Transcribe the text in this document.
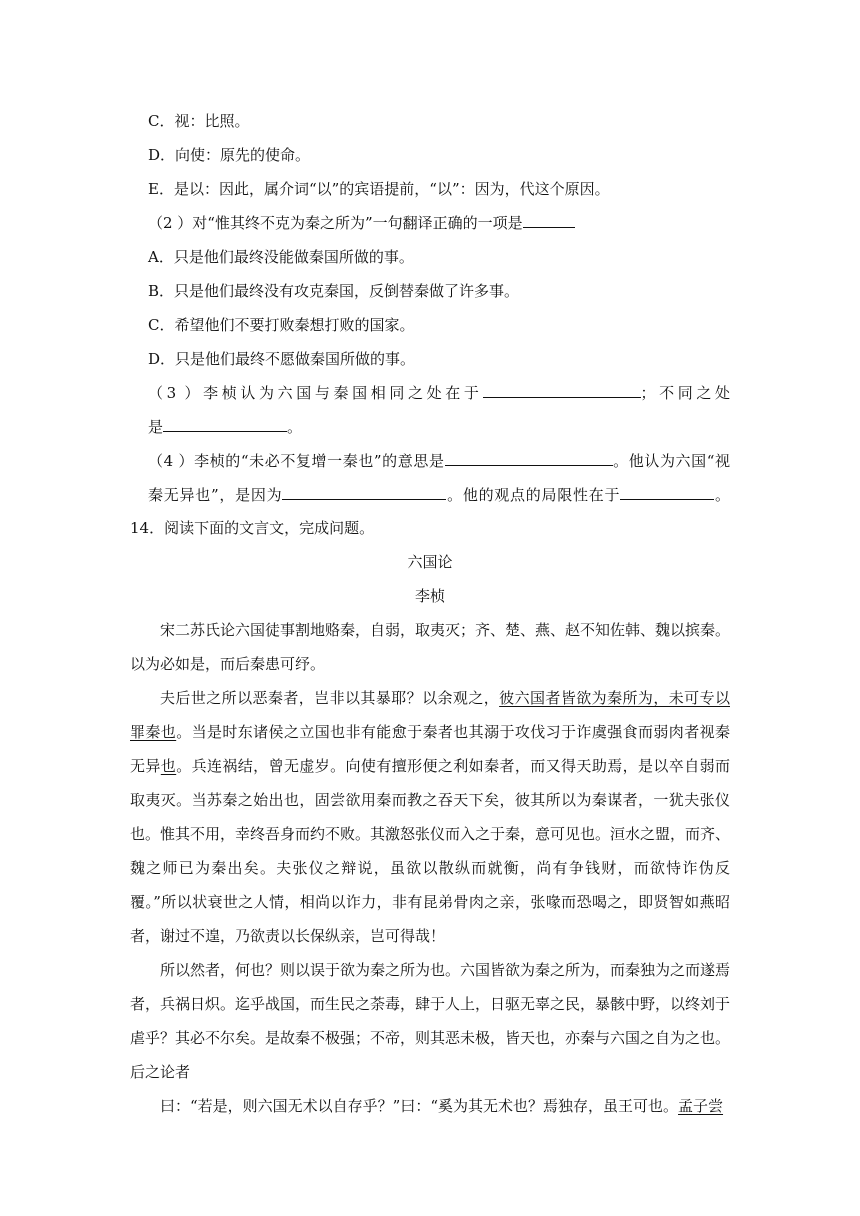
C．视：比照。
D．向使：原先的使命。
E．是以：因此，属介词“以”的宾语提前，“以”：因为，代这个原因。
（2 ）对“惟其终不克为秦之所为”一句翻译正确的一项是
A．只是他们最终没能做秦国所做的事。
B．只是他们最终没有攻克秦国，反倒替秦做了许多事。
C．希望他们不要打败秦想打败的国家。
D．只是他们最终不愿做秦国所做的事。
（3 ）李桢认为六国与秦国相同之处在于	；不同之处
是	。
（4 ）李桢的“未必不复增一秦也”的意思是	。他认为六国“视
秦无异也”，是因为	。他的观点的局限性在于	。
14．阅读下面的文言文，完成问题。
六国论
李桢

宋二苏氏论六国徒事割地赂秦，自弱，取夷灭；齐、楚、燕、赵不知佐韩、魏以摈秦。以为必如是，而后秦患可纾。

夫后世之所以恶秦者，岂非以其暴耶？以余观之，彼六国者皆欲为秦所为，未可专以罪秦也。当是时东诸侯之立国也非有能愈于秦者也其溺于攻伐习于诈虞强食而弱肉者视秦无异也。兵连祸结，曾无虚岁。向使有擅形便之利如秦者，而又得天助焉，是以卒自弱而取夷灭。当苏秦之始出也，固尝欲用秦而教之吞天下矣，彼其所以为秦谋者，一犹夫张仪也。惟其不用，幸终吾身而约不败。其激怒张仪而入之于秦，意可见也。洹水之盟，而齐、魏之师已为秦出矣。夫张仪之辩说，虽欲以散纵而就衡，尚有争钱财，而欲恃诈伪反覆。”所以状衰世之人情，相尚以诈力，非有昆弟骨肉之亲，张喙而恐喝之，即贤智如燕昭者，谢过不遑，乃欲责以长保纵亲，岂可得哉！

所以然者，何也？则以误于欲为秦之所为也。六国皆欲为秦之所为，而秦独为之而遂焉者，兵祸日炽。迄乎战国，而生民之荼毒，肆于人上，日驱无辜之民，暴骸中野，以终刘于虐乎？其必不尔矣。是故秦不极强；不帝，则其恶未极，皆天也，亦秦与六国之自为之也。后之论者

曰：“若是，则六国无术以自存乎？”曰：“奚为其无术也？焉独存，虽王可也。孟子尝
